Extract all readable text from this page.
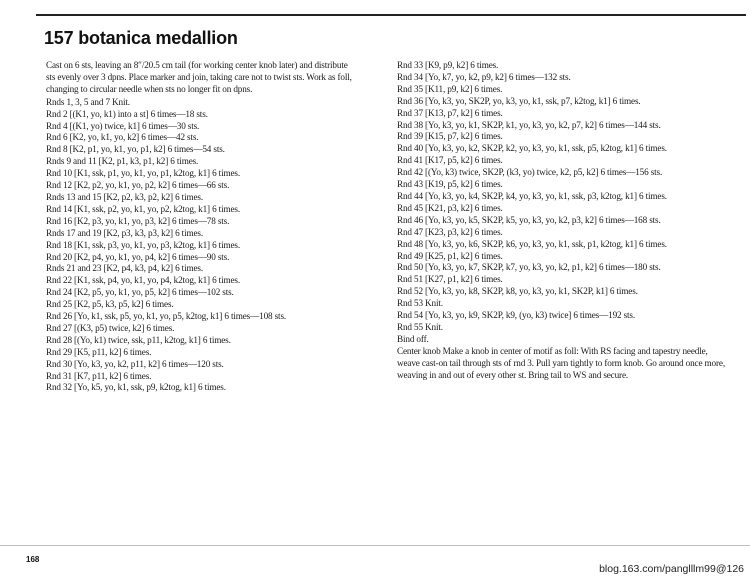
157 botanica medallion

Cast on 6 sts, leaving an 8″/20.5 cm tail (for working center knob later) and distribute sts evenly over 3 dpns. Place marker and join, taking care not to twist sts. Work as foll, changing to circular needle when sts no longer fit on dpns.

Rnds 1, 3, 5 and 7 Knit.
Rnd 2 [(K1, yo, k1) into a st] 6 times—18 sts.
Rnd 4 [(K1, yo) twice, k1] 6 times—30 sts.
Rnd 6 [K2, yo, k1, yo, k2] 6 times—42 sts.
Rnd 8 [K2, p1, yo, k1, yo, p1, k2] 6 times—54 sts.
Rnds 9 and 11 [K2, p1, k3, p1, k2] 6 times.
Rnd 10 [K1, ssk, p1, yo, k1, yo, p1, k2tog, k1] 6 times.
Rnd 12 [K2, p2, yo, k1, yo, p2, k2] 6 times—66 sts.
Rnds 13 and 15 [K2, p2, k3, p2, k2] 6 times.
Rnd 14 [K1, ssk, p2, yo, k1, yo, p2, k2tog, k1] 6 times.
Rnd 16 [K2, p3, yo, k1, yo, p3, k2] 6 times—78 sts.
Rnds 17 and 19 [K2, p3, k3, p3, k2] 6 times.
Rnd 18 [K1, ssk, p3, yo, k1, yo, p3, k2tog, k1] 6 times.
Rnd 20 [K2, p4, yo, k1, yo, p4, k2] 6 times—90 sts.
Rnds 21 and 23 [K2, p4, k3, p4, k2] 6 times.
Rnd 22 [K1, ssk, p4, yo, k1, yo, p4, k2tog, k1] 6 times.
Rnd 24 [K2, p5, yo, k1, yo, p5, k2] 6 times—102 sts.
Rnd 25 [K2, p5, k3, p5, k2] 6 times.
Rnd 26 [Yo, k1, ssk, p5, yo, k1, yo, p5, k2tog, k1] 6 times—108 sts.
Rnd 27 [(K3, p5) twice, k2] 6 times.
Rnd 28 [(Yo, k1) twice, ssk, p11, k2tog, k1] 6 times.
Rnd 29 [K5, p11, k2] 6 times.
Rnd 30 [Yo, k3, yo, k2, p11, k2] 6 times—120 sts.
Rnd 31 [K7, p11, k2] 6 times.
Rnd 32 [Yo, k5, yo, k1, ssk, p9, k2tog, k1] 6 times.
Rnd 33 [K9, p9, k2] 6 times.
Rnd 34 [Yo, k7, yo, k2, p9, k2] 6 times—132 sts.
Rnd 35 [K11, p9, k2] 6 times.
Rnd 36 [Yo, k3, yo, SK2P, yo, k3, yo, k1, ssk, p7, k2tog, k1] 6 times.
Rnd 37 [K13, p7, k2] 6 times.
Rnd 38 [Yo, k3, yo, k1, SK2P, k1, yo, k3, yo, k2, p7, k2] 6 times—144 sts.
Rnd 39 [K15, p7, k2] 6 times.
Rnd 40 [Yo, k3, yo, k2, SK2P, k2, yo, k3, yo, k1, ssk, p5, k2tog, k1] 6 times.
Rnd 41 [K17, p5, k2] 6 times.
Rnd 42 [(Yo, k3) twice, SK2P, (k3, yo) twice, k2, p5, k2] 6 times—156 sts.
Rnd 43 [K19, p5, k2] 6 times.
Rnd 44 [Yo, k3, yo, k4, SK2P, k4, yo, k3, yo, k1, ssk, p3, k2tog, k1] 6 times.
Rnd 45 [K21, p3, k2] 6 times.
Rnd 46 [Yo, k3, yo, k5, SK2P, k5, yo, k3, yo, k2, p3, k2] 6 times—168 sts.
Rnd 47 [K23, p3, k2] 6 times.
Rnd 48 [Yo, k3, yo, k6, SK2P, k6, yo, k3, yo, k1, ssk, p1, k2tog, k1] 6 times.
Rnd 49 [K25, p1, k2] 6 times.
Rnd 50 [Yo, k3, yo, k7, SK2P, k7, yo, k3, yo, k2, p1, k2] 6 times—180 sts.
Rnd 51 [K27, p1, k2] 6 times.
Rnd 52 [Yo, k3, yo, k8, SK2P, k8, yo, k3, yo, k1, SK2P, k1] 6 times.
Rnd 53 Knit.
Rnd 54 [Yo, k3, yo, k9, SK2P, k9, (yo, k3) twice] 6 times—192 sts.
Rnd 55 Knit.
Bind off.

Center knob Make a knob in center of motif as foll: With RS facing and tapestry needle, weave cast-on tail through sts of rnd 3. Pull yarn tightly to form knob. Go around once more, weaving in and out of every other st. Bring tail to WS and secure.

168
blog.163.com/panglllm99@126
